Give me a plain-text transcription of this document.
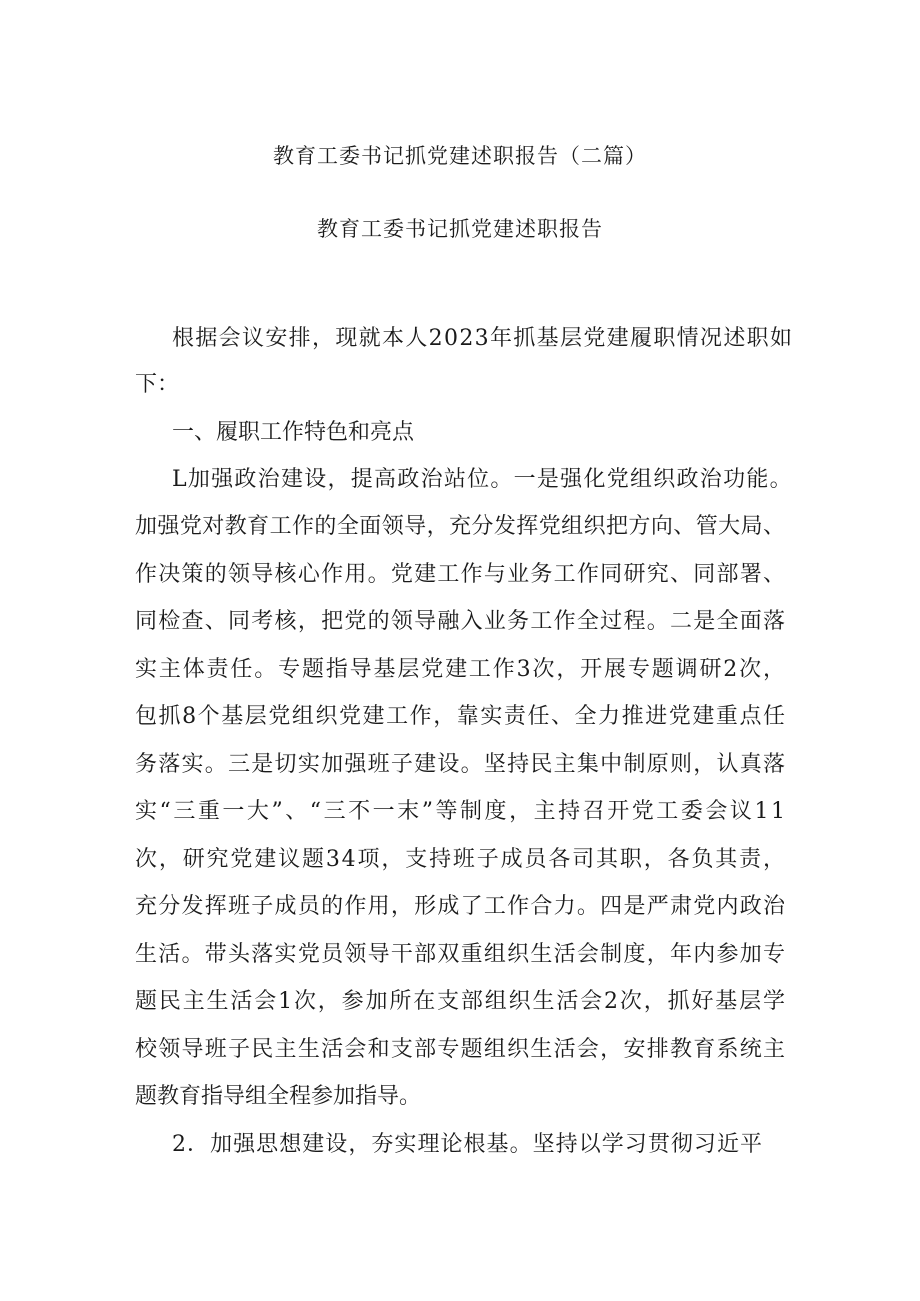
教育工委书记抓党建述职报告（二篇）
教育工委书记抓党建述职报告
根据会议安排，现就本人2023年抓基层党建履职情况述职如
下：
一、履职工作特色和亮点
L加强政治建设，提高政治站位。一是强化党组织政治功能。
加强党对教育工作的全面领导，充分发挥党组织把方向、管大局、
作决策的领导核心作用。党建工作与业务工作同研究、同部署、
同检查、同考核，把党的领导融入业务工作全过程。二是全面落
实主体责任。专题指导基层党建工作3次，开展专题调研2次，
包抓8个基层党组织党建工作，靠实责任、全力推进党建重点任
务落实。三是切实加强班子建设。坚持民主集中制原则，认真落
实“三重一大”、“三不一末”等制度，主持召开党工委会议11
次，研究党建议题34项，支持班子成员各司其职，各负其责，
充分发挥班子成员的作用，形成了工作合力。四是严肃党内政治
生活。带头落实党员领导干部双重组织生活会制度，年内参加专
题民主生活会1次，参加所在支部组织生活会2次，抓好基层学
校领导班子民主生活会和支部专题组织生活会，安排教育系统主
题教育指导组全程参加指导。
2．加强思想建设，夯实理论根基。坚持以学习贯彻习近平
